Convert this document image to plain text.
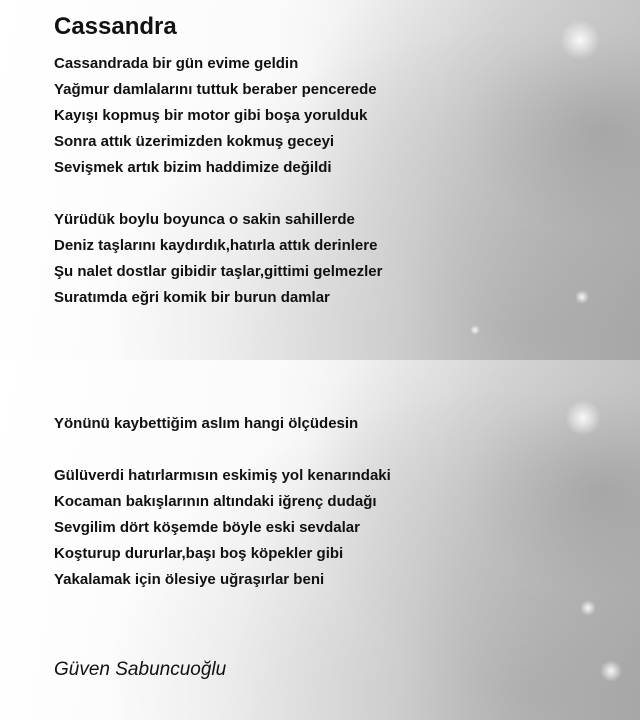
Cassandra
Cassandrada bir gün evime geldin
Yağmur damlalarını tuttuk beraber pencerede
Kayışı kopmuş bir motor gibi boşa yorulduk
Sonra attık üzerimizden kokmuş geceyi
Sevişmek artık bizim haddimize değildi
Yürüdük boylu boyunca o sakin sahillerde
Deniz taşlarını kaydırdık,hatırla attık derinlere
Şu nalet dostlar gibidir taşlar,gittimi gelmezler
Suratımda eğri komik bir burun damlar
Yönünü kaybettiğim aslım hangi ölçüdesin
Gülüverdi hatırlarmısın eskimiş yol kenarındaki
Kocaman bakışlarının altındaki iğrenç dudağı
Sevgilim dört köşemde böyle eski sevdalar
Koşturup dururlar,başı boş köpekler gibi
Yakalamak için ölesiye uğraşırlar beni
Güven Sabuncuoğlu
